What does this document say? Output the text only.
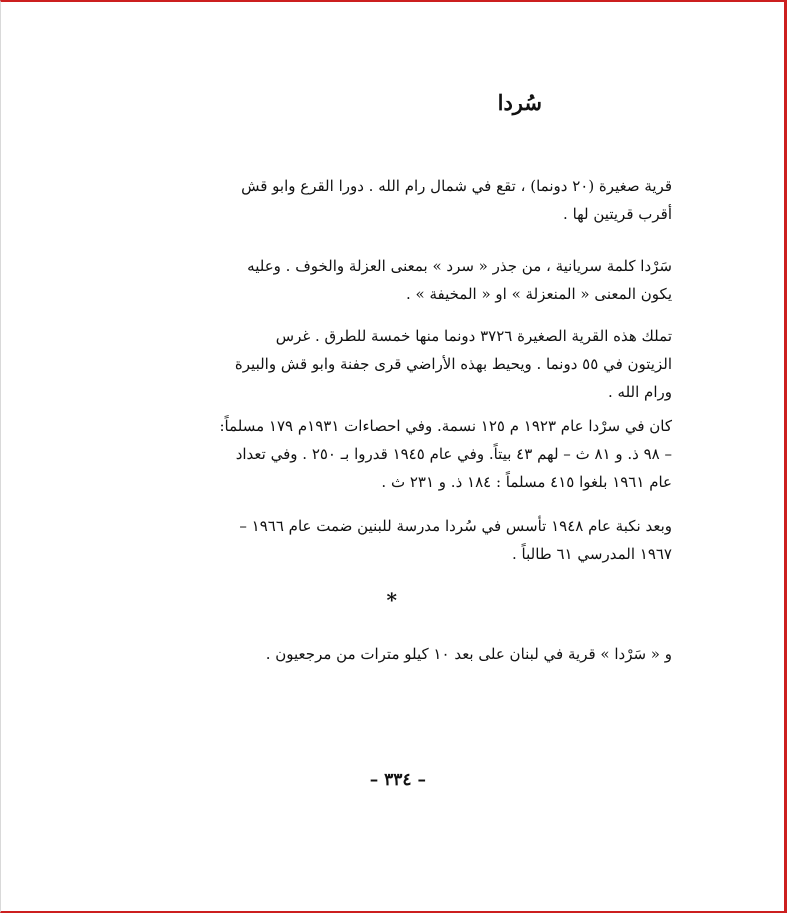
سُردا

قرية صغيرة (٢٠ دونما) ، تقع في شمال رام الله . دورا القرع وابو قش
أقرب قريتين لها .

سَرْدا كلمة سريانية ، من جذر « سرد » بمعنى العزلة والخوف . وعليه
يكون المعنى « المنعزلة » او « المخيفة » .

تملك هذه القرية الصغيرة ٣٧٢٦ دونما منها خمسة للطرق . غرس
الزيتون في ٥٥ دونما . ويحيط بهذه الأراضي قرى جفنة وابو قش والبيرة
ورام الله .

كان في سرْدا عام ١٩٢٣ م ١٢٥ نسمة. وفي احصاءات ١٩٣١م ١٧٩ مسلماً:
– ٩٨ ذ. و ٨١ ث – لهم ٤٣ بيتاً. وفي عام ١٩٤٥ قدروا بـ ٢٥٠ . وفي تعداد
عام ١٩٦١ بلغوا ٤١٥ مسلماً : ١٨٤ ذ. و ٢٣١ ث .

وبعد نكبة عام ١٩٤٨ تأسس في سُردا مدرسة للبنين ضمت عام ١٩٦٦ –
١٩٦٧ المدرسي ٦١ طالباً .

*
و « سَرْدا » قرية في لبنان على بعد ١٠ كيلو مترات من مرجعيون .
– ٣٣٤ –
